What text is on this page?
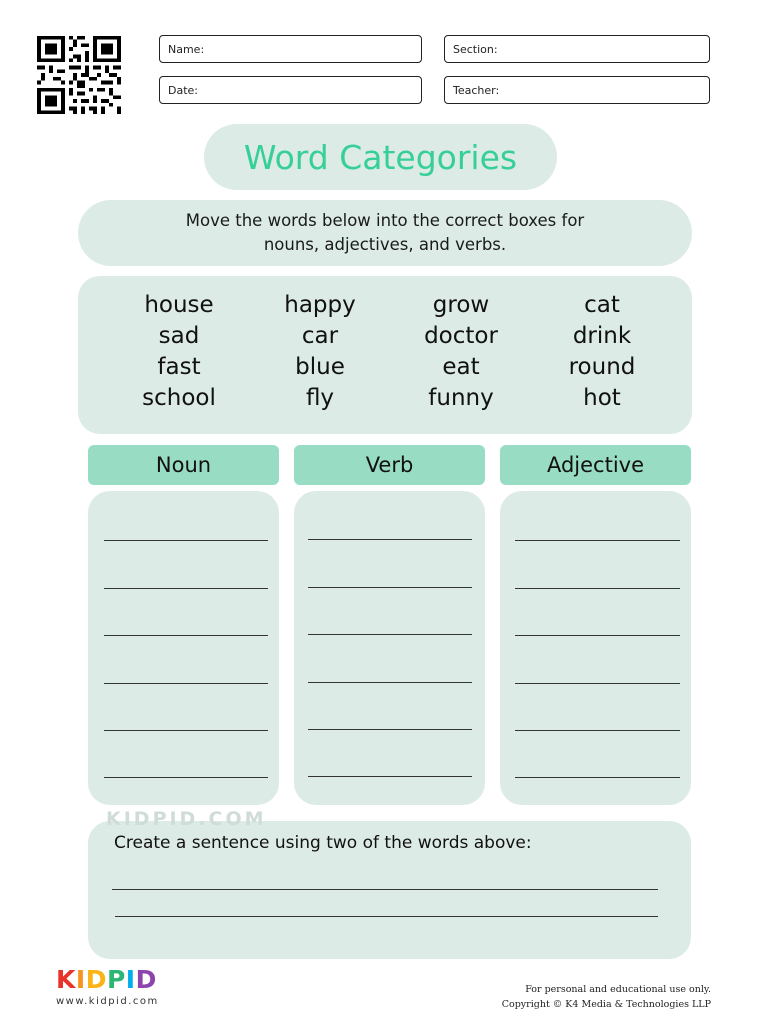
Name:	Section:
Date:	Teacher:
Word Categories
Move the words below into the correct boxes for
nouns, adjectives, and verbs.
house	happy	grow	cat
sad	car	doctor	drink
fast	blue	eat	round
school	fly	funny	hot
Noun	Verb	Adjective
KIDPID.COM
Create a sentence using two of the words above:
KIDPID
www.kidpid.com
For personal and educational use only.
Copyright © K4 Media & Technologies LLP
